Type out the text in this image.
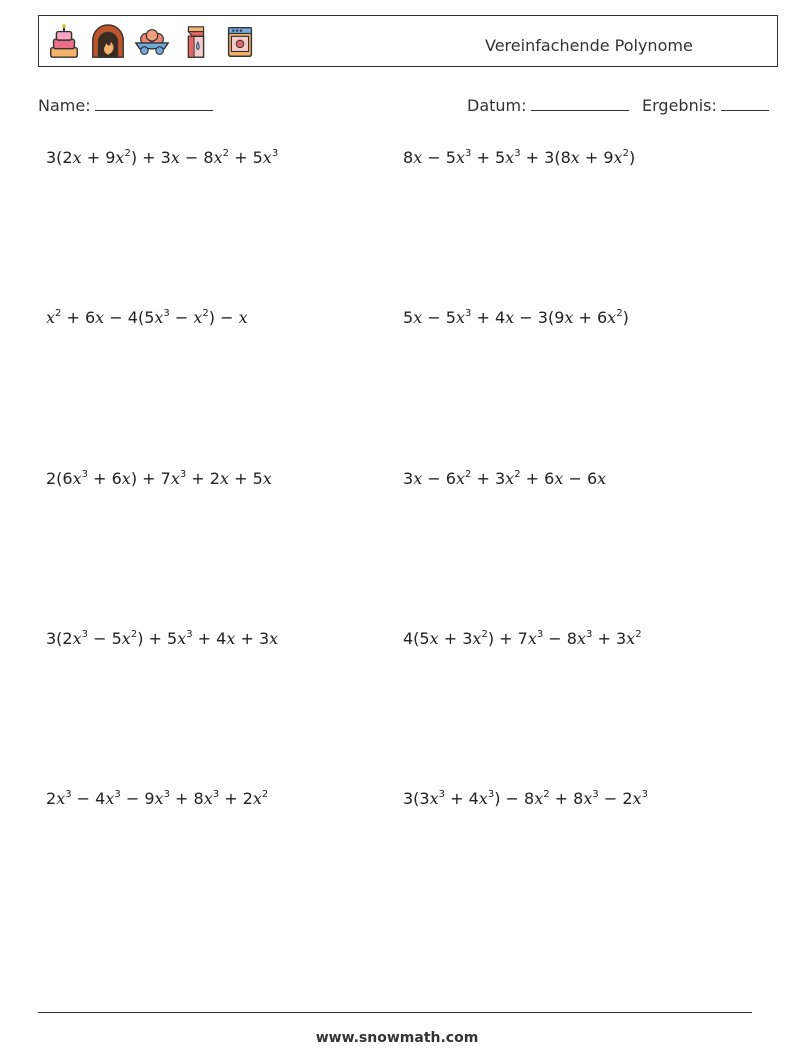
Vereinfachende Polynome
Name:	Datum:	Ergebnis:
$3(2x + 9x^2) + 3x - 8x^2 + 5x^3$	$8x - 5x^3 + 5x^3 + 3(8x + 9x^2)$
$x^2 + 6x - 4(5x^3 - x^2) - x$	$5x - 5x^3 + 4x - 3(9x + 6x^2)$
$2(6x^3 + 6x) + 7x^3 + 2x + 5x$	$3x - 6x^2 + 3x^2 + 6x - 6x$
$3(2x^3 - 5x^2) + 5x^3 + 4x + 3x$	$4(5x + 3x^2) + 7x^3 - 8x^3 + 3x^2$
$2x^3 - 4x^3 - 9x^3 + 8x^3 + 2x^2$	$3(3x^3 + 4x^3) - 8x^2 + 8x^3 - 2x^3$
www.snowmath.com
